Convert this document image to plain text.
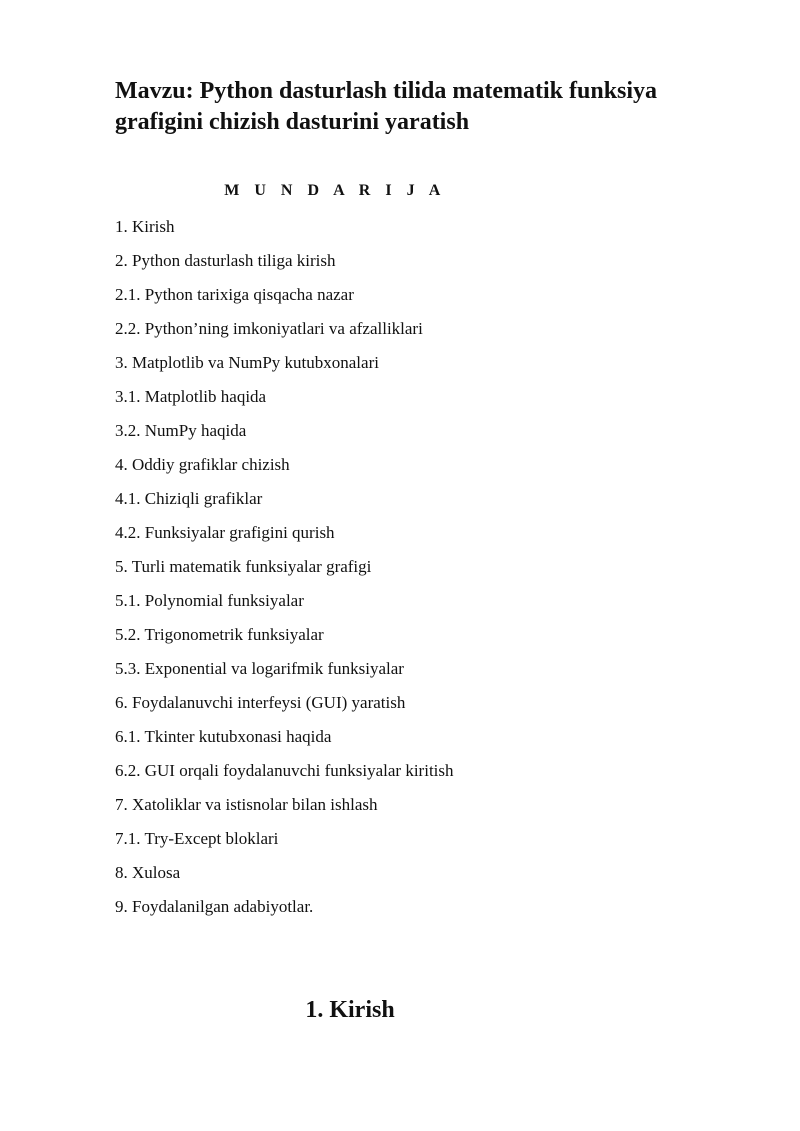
Mavzu: Python dasturlash tilida matematik funksiya grafigini chizish dasturini yaratish
M U N D A R I J A
1. Kirish
2. Python dasturlash tiliga kirish
2.1. Python tarixiga qisqacha nazar
2.2. Python’ning imkoniyatlari va afzalliklari
3. Matplotlib va NumPy kutubxonalari
3.1. Matplotlib haqida
3.2. NumPy haqida
4. Oddiy grafiklar chizish
4.1. Chiziqli grafiklar
4.2. Funksiyalar grafigini qurish
5. Turli matematik funksiyalar grafigi
5.1. Polynomial funksiyalar
5.2. Trigonometrik funksiyalar
5.3. Exponential va logarifmik funksiyalar
6. Foydalanuvchi interfeysi (GUI) yaratish
6.1. Tkinter kutubxonasi haqida
6.2. GUI orqali foydalanuvchi funksiyalar kiritish
7. Xatoliklar va istisnolar bilan ishlash
7.1. Try-Except bloklari
8. Xulosa
9. Foydalanilgan adabiyotlar.
1. Kirish
